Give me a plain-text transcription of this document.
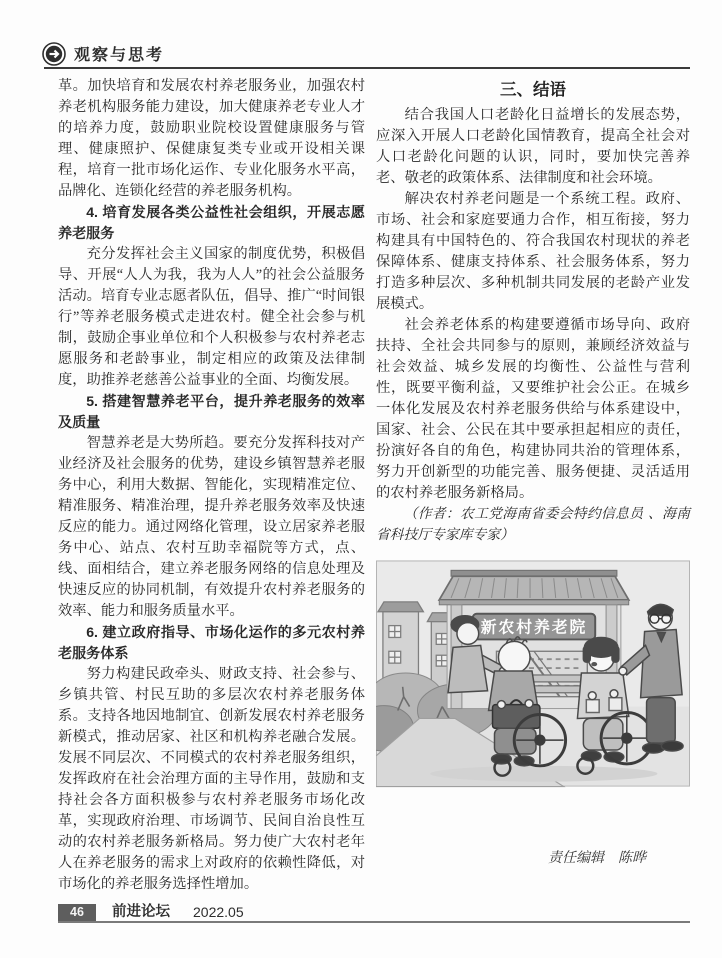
观察与思考

革。加快培育和发展农村养老服务业，加强农村养老机构服务能力建设，加大健康养老专业人才的培养力度，鼓励职业院校设置健康服务与管理、健康照护、保健康复类专业或开设相关课程，培育一批市场化运作、专业化服务水平高，品牌化、连锁化经营的养老服务机构。

4. 培育发展各类公益性社会组织，开展志愿养老服务

充分发挥社会主义国家的制度优势，积极倡导、开展“人人为我，我为人人”的社会公益服务活动。培育专业志愿者队伍，倡导、推广“时间银行”等养老服务模式走进农村。健全社会参与机制，鼓励企事业单位和个人积极参与农村养老志愿服务和老龄事业，制定相应的政策及法律制度，助推养老慈善公益事业的全面、均衡发展。

5. 搭建智慧养老平台，提升养老服务的效率及质量

智慧养老是大势所趋。要充分发挥科技对产业经济及社会服务的优势，建设乡镇智慧养老服务中心，利用大数据、智能化，实现精准定位、精准服务、精准治理，提升养老服务效率及快速反应的能力。通过网络化管理，设立居家养老服务中心、站点、农村互助幸福院等方式，点、线、面相结合，建立养老服务网络的信息处理及快速反应的协同机制，有效提升农村养老服务的效率、能力和服务质量水平。

6. 建立政府指导、市场化运作的多元农村养老服务体系

努力构建民政牵头、财政支持、社会参与、乡镇共管、村民互助的多层次农村养老服务体系。支持各地因地制宜、创新发展农村养老服务新模式，推动居家、社区和机构养老融合发展。发展不同层次、不同模式的农村养老服务组织，发挥政府在社会治理方面的主导作用，鼓励和支持社会各方面积极参与农村养老服务市场化改革，实现政府治理、市场调节、民间自治良性互动的农村养老服务新格局。努力使广大农村老年人在养老服务的需求上对政府的依赖性降低，对市场化的养老服务选择性增加。

三、结语

结合我国人口老龄化日益增长的发展态势，应深入开展人口老龄化国情教育，提高全社会对人口老龄化问题的认识，同时，要加快完善养老、敬老的政策体系、法律制度和社会环境。

解决农村养老问题是一个系统工程。政府、市场、社会和家庭要通力合作，相互衔接，努力构建具有中国特色的、符合我国农村现状的养老保障体系、健康支持体系、社会服务体系，努力打造多种层次、多种机制共同发展的老龄产业发展模式。

社会养老体系的构建要遵循市场导向、政府扶持、全社会共同参与的原则，兼顾经济效益与社会效益、城乡发展的均衡性、公益性与营利性，既要平衡利益，又要维护社会公正。在城乡一体化发展及农村养老服务供给与体系建设中，国家、社会、公民在其中要承担起相应的责任，扮演好各自的角色，构建协同共治的管理体系，努力开创新型的功能完善、服务便捷、灵活适用的农村养老服务新格局。

（作者：农工党海南省委会特约信息员 、海南省科技厅专家库专家）

新农村养老院
责任编辑　陈晔
46	前进论坛 2022.05
